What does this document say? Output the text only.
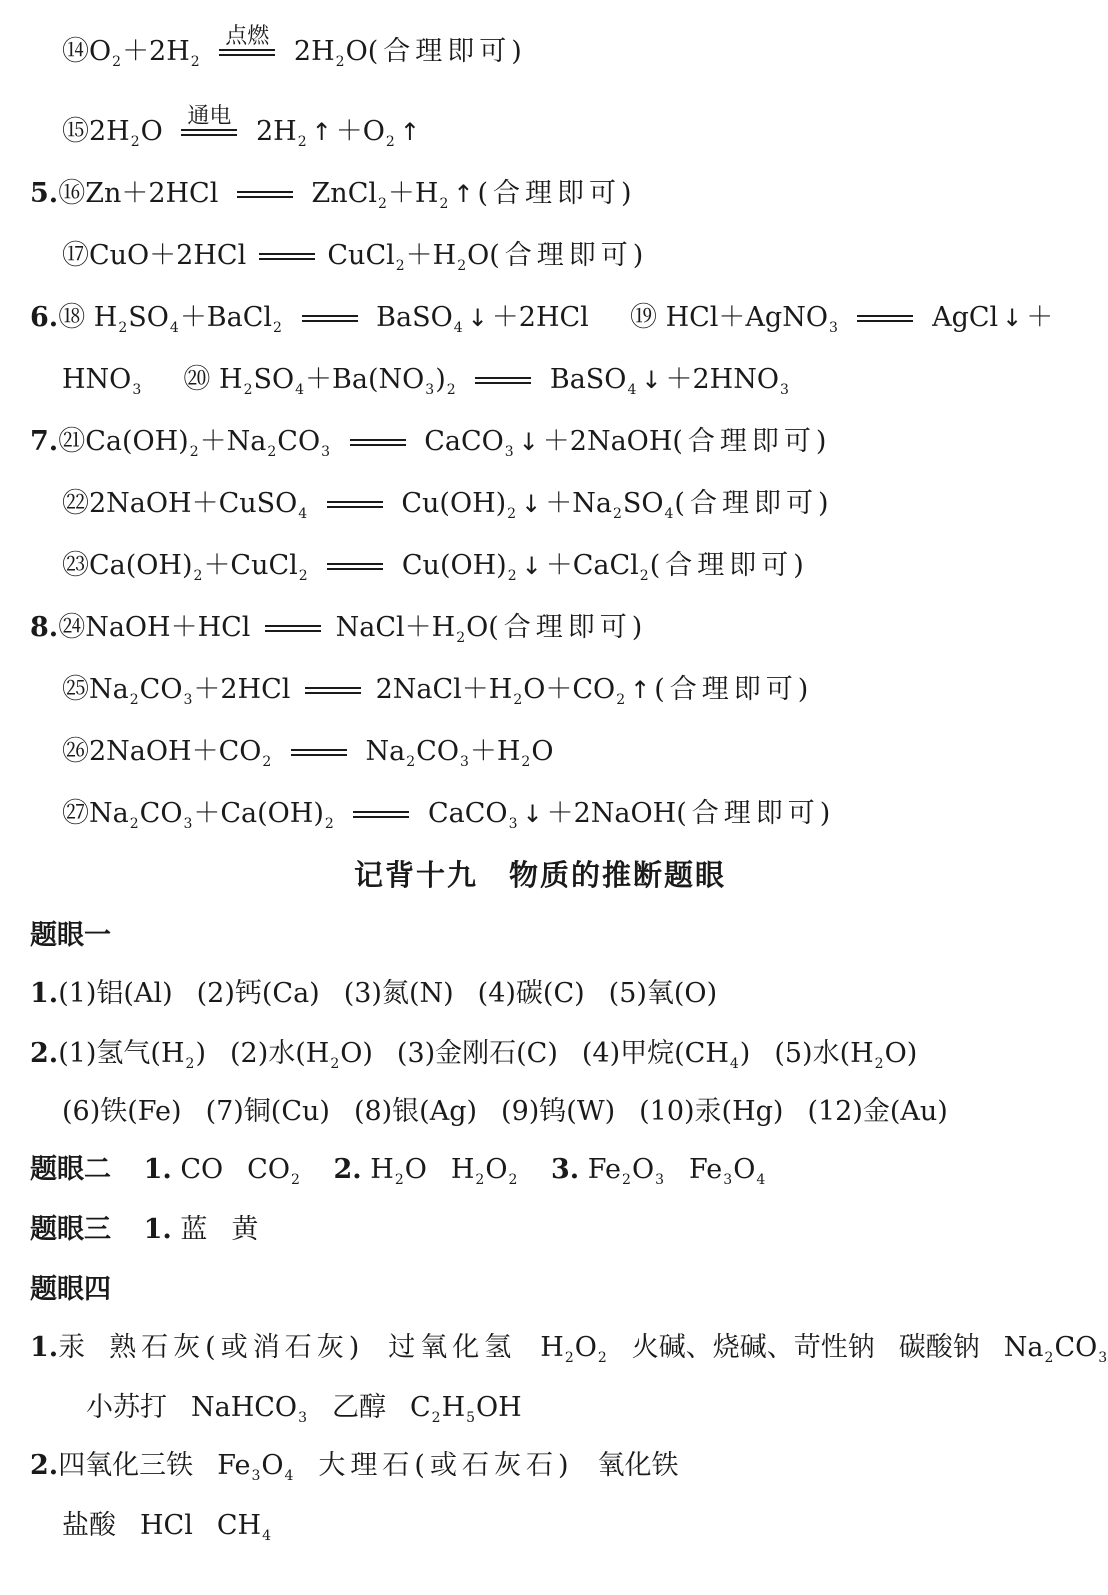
⑭O2＋2H2
点燃 2H2O(合理即可)
⑮2H2O 通电 2H2 ↑ ＋O2 ↑
5.⑯Zn＋2HCl	ZnCl2＋H2 ↑ (合理即可)
⑰CuO＋2HCl	CuCl2＋H2O(合理即可)
6.⑱ H2SO4＋BaCl2	BaSO4 ↓ ＋2HCl ⑲ HCl＋AgNO3	AgCl ↓ ＋
HNO3 ⑳ H2SO4＋Ba(NO3)2	BaSO4 ↓ ＋2HNO3
7.㉑Ca(OH)2＋Na2CO3	CaCO3 ↓ ＋2NaOH(合理即可)
㉒2NaOH＋CuSO4	Cu(OH)2 ↓ ＋Na2SO4(合理即可)
㉓Ca(OH)2＋CuCl2	Cu(OH)2 ↓ ＋CaCl2(合理即可)
8.㉔NaOH＋HCl	NaCl＋H2O(合理即可)
㉕Na2CO3＋2HCl	2NaCl＋H2O＋CO2 ↑ (合理即可)
㉖2NaOH＋CO2	Na2CO3＋H2O
㉗Na2CO3＋Ca(OH)2	CaCO3 ↓ ＋2NaOH(合理即可)
记背十九　物质的推断题眼
题眼一
1.(1)铝(Al) (2)钙(Ca) (3)氮(N) (4)碳(C) (5)氧(O)
2.(1)氢气(H2) (2)水(H2O) (3)金刚石(C) (4)甲烷(CH4) (5)水(H2O)
(6)铁(Fe) (7)铜(Cu) (8)银(Ag) (9)钨(W) (10)汞(Hg) (12)金(Au)
题眼二 1. CO CO2 2. H2O H2O2 3. Fe2O3 Fe3O4
题眼三 1. 蓝 黄
题眼四
1.汞 熟石灰(或消石灰) 过氧化氢 H2O2 火碱、烧碱、苛性钠 碳酸钠 Na2CO3
小苏打 NaHCO3 乙醇 C2H5OH
2.四氧化三铁 Fe3O4 大理石(或石灰石) 氧化铁
盐酸 HCl CH4
